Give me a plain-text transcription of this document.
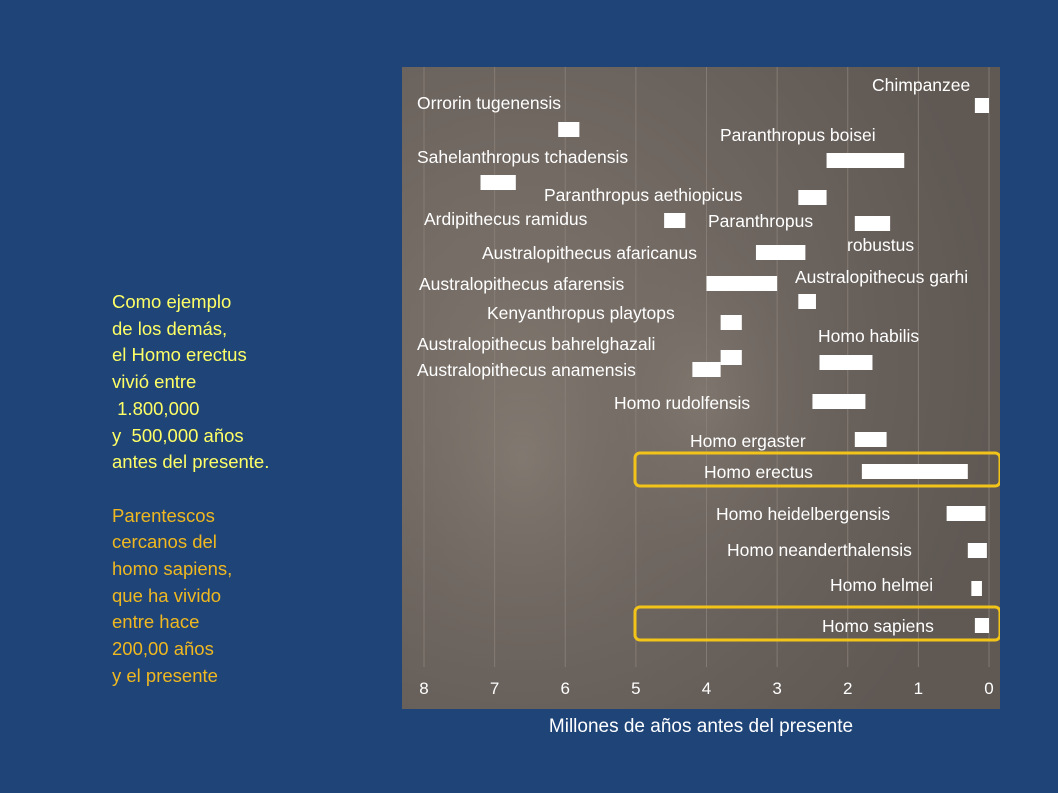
Como ejemplo
de los demás,
el Homo erectus
vivió entre
1.800,000
y  500,000 años
antes del presente.
Parentescos
cercanos del
homo sapiens,
que ha vivido
entre hace
200,00 años
y el presente
Chimpanzee
Orrorin tugenensis
Paranthropus boisei
Sahelanthropus tchadensis
Paranthropus aethiopicus
Ardipithecus ramidus	Paranthropus
robustus
Australopithecus afaricanus
Australopithecus afarensis	Australopithecus garhi
Kenyanthropus playtops
Homo habilis
Australopithecus bahrelghazali
Australopithecus anamensis
Homo rudolfensis
Homo ergaster
Homo erectus
Homo heidelbergensis
Homo neanderthalensis
Homo helmei
Homo sapiens
8	7	6	5	4	3	2	1	0
Millones de años antes del presente
